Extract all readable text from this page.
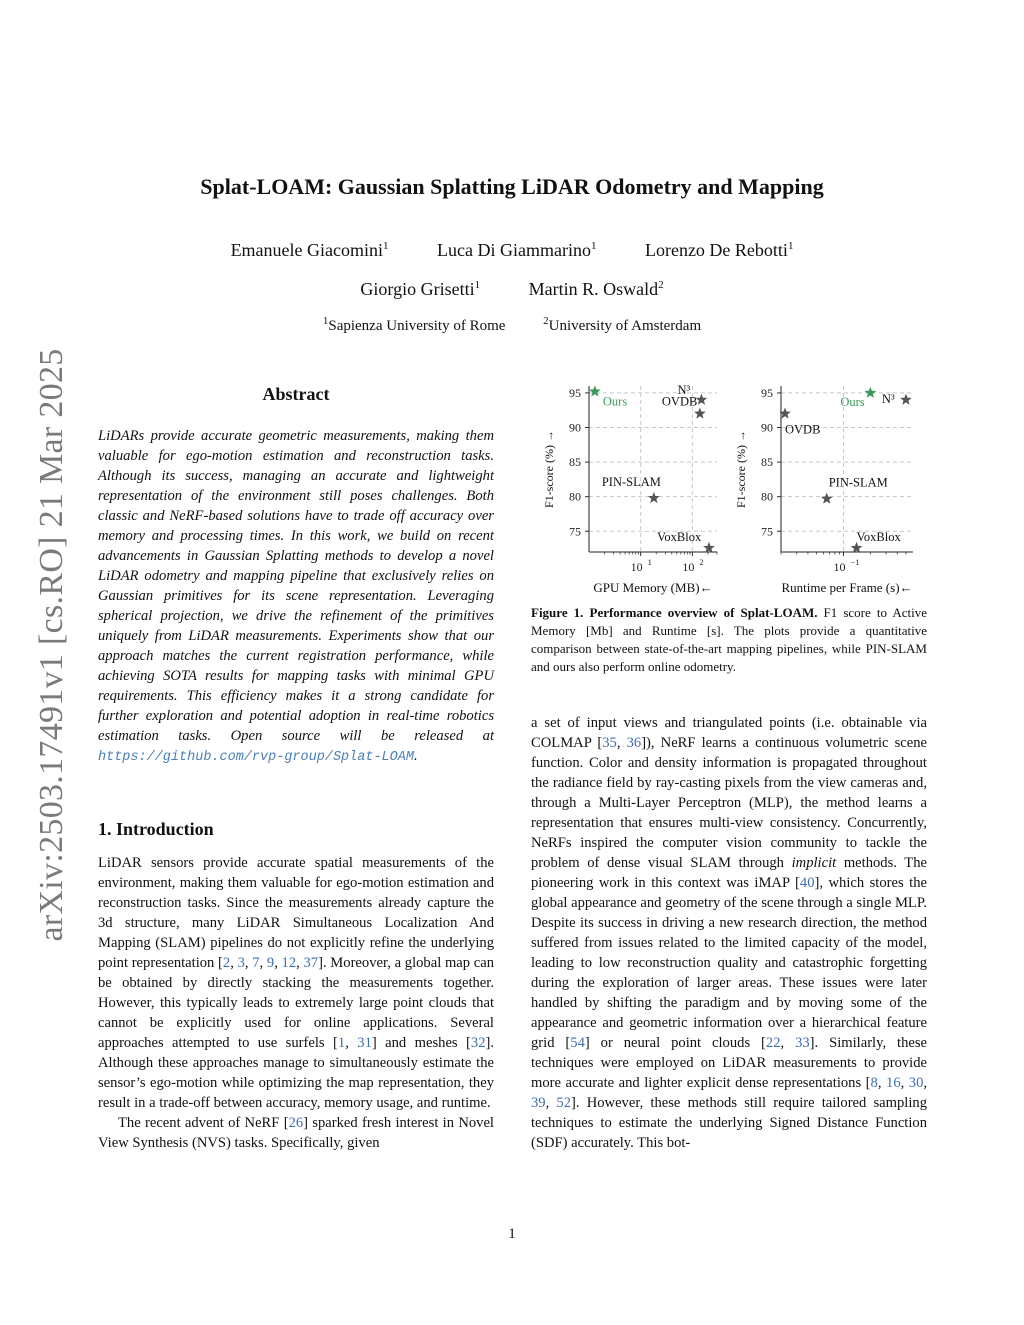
arXiv:2503.17491v1 [cs.RO] 21 Mar 2025
Splat-LOAM: Gaussian Splatting LiDAR Odometry and Mapping
Emanuele Giacomini$^1$	Luca Di Giammarino$^1$	Lorenzo De Rebotti$^1$
Giorgio Grisetti$^1$	Martin R. Oswald$^2$
$^1$Sapienza University of Rome	$^2$University of Amsterdam
Abstract
LiDARs provide accurate geometric measurements, making them valuable for ego-motion estimation and reconstruction tasks. Although its success, managing an accurate and lightweight representation of the environment still poses challenges. Both classic and NeRF-based solutions have to trade off accuracy over memory and processing times. In this work, we build on recent advancements in Gaussian Splatting methods to develop a novel LiDAR odometry and mapping pipeline that exclusively relies on Gaussian primitives for its scene representation. Leveraging spherical projection, we drive the refinement of the primitives uniquely from LiDAR measurements. Experiments show that our approach matches the current registration performance, while achieving SOTA results for mapping tasks with minimal GPU requirements. This efficiency makes it a strong candidate for further exploration and potential adoption in real-time robotics estimation tasks. Open source will be released at https://github.com/rvp-group/Splat-LOAM.
1. Introduction

LiDAR sensors provide accurate spatial measurements of the environment, making them valuable for ego-motion estimation and reconstruction tasks. Since the measurements already capture the 3d structure, many LiDAR Simultaneous Localization And Mapping (SLAM) pipelines do not explicitly refine the underlying point representation [2, 3, 7, 9, 12, 37]. Moreover, a global map can be obtained by directly stacking the measurements together. However, this typically leads to extremely large point clouds that cannot be explicitly used for online applications. Several approaches attempted to use surfels [1, 31] and meshes [32]. Although these approaches manage to simultaneously estimate the sensor’s ego-motion while optimizing the map representation, they result in a trade-off between accuracy, memory usage, and runtime.

The recent advent of NeRF [26] sparked fresh interest in Novel View Synthesis (NVS) tasks. Specifically, given

75
80
85
90
95
10 1	10 2
GPU Memory (MB)←
F1-score (%) →
Ours
N³
OVDB
PIN-SLAM
VoxBlox	75
80
85
90
95
10 −1
Runtime per Frame (s)←
F1-score (%) →
Ours N³
OVDB
PIN-SLAM
VoxBlox
Figure 1. Performance overview of Splat-LOAM. F1 score to Active Memory [Mb] and Runtime [s]. The plots provide a quantitative comparison between state-of-the-art mapping pipelines, while PIN-SLAM and ours also perform online odometry.
a set of input views and triangulated points (i.e. obtainable via COLMAP [35, 36]), NeRF learns a continuous volumetric scene function. Color and density information is propagated throughout the radiance field by ray-casting pixels from the view cameras and, through a Multi-Layer Perceptron (MLP), the method learns a representation that ensures multi-view consistency. Concurrently, NeRFs inspired the computer vision community to tackle the problem of dense visual SLAM through implicit methods. The pioneering work in this context was iMAP [40], which stores the global appearance and geometry of the scene through a single MLP. Despite its success in driving a new research direction, the method suffered from issues related to the limited capacity of the model, leading to low reconstruction quality and catastrophic forgetting during the exploration of larger areas. These issues were later handled by shifting the paradigm and by moving some of the appearance and geometric information over a hierarchical feature grid [54] or neural point clouds [22, 33]. Similarly, these techniques were employed on LiDAR measurements to provide more accurate and lighter explicit dense representations [8, 16, 30, 39, 52]. However, these methods still require tailored sampling techniques to estimate the underlying Signed Distance Function (SDF) accurately. This bot-
1
